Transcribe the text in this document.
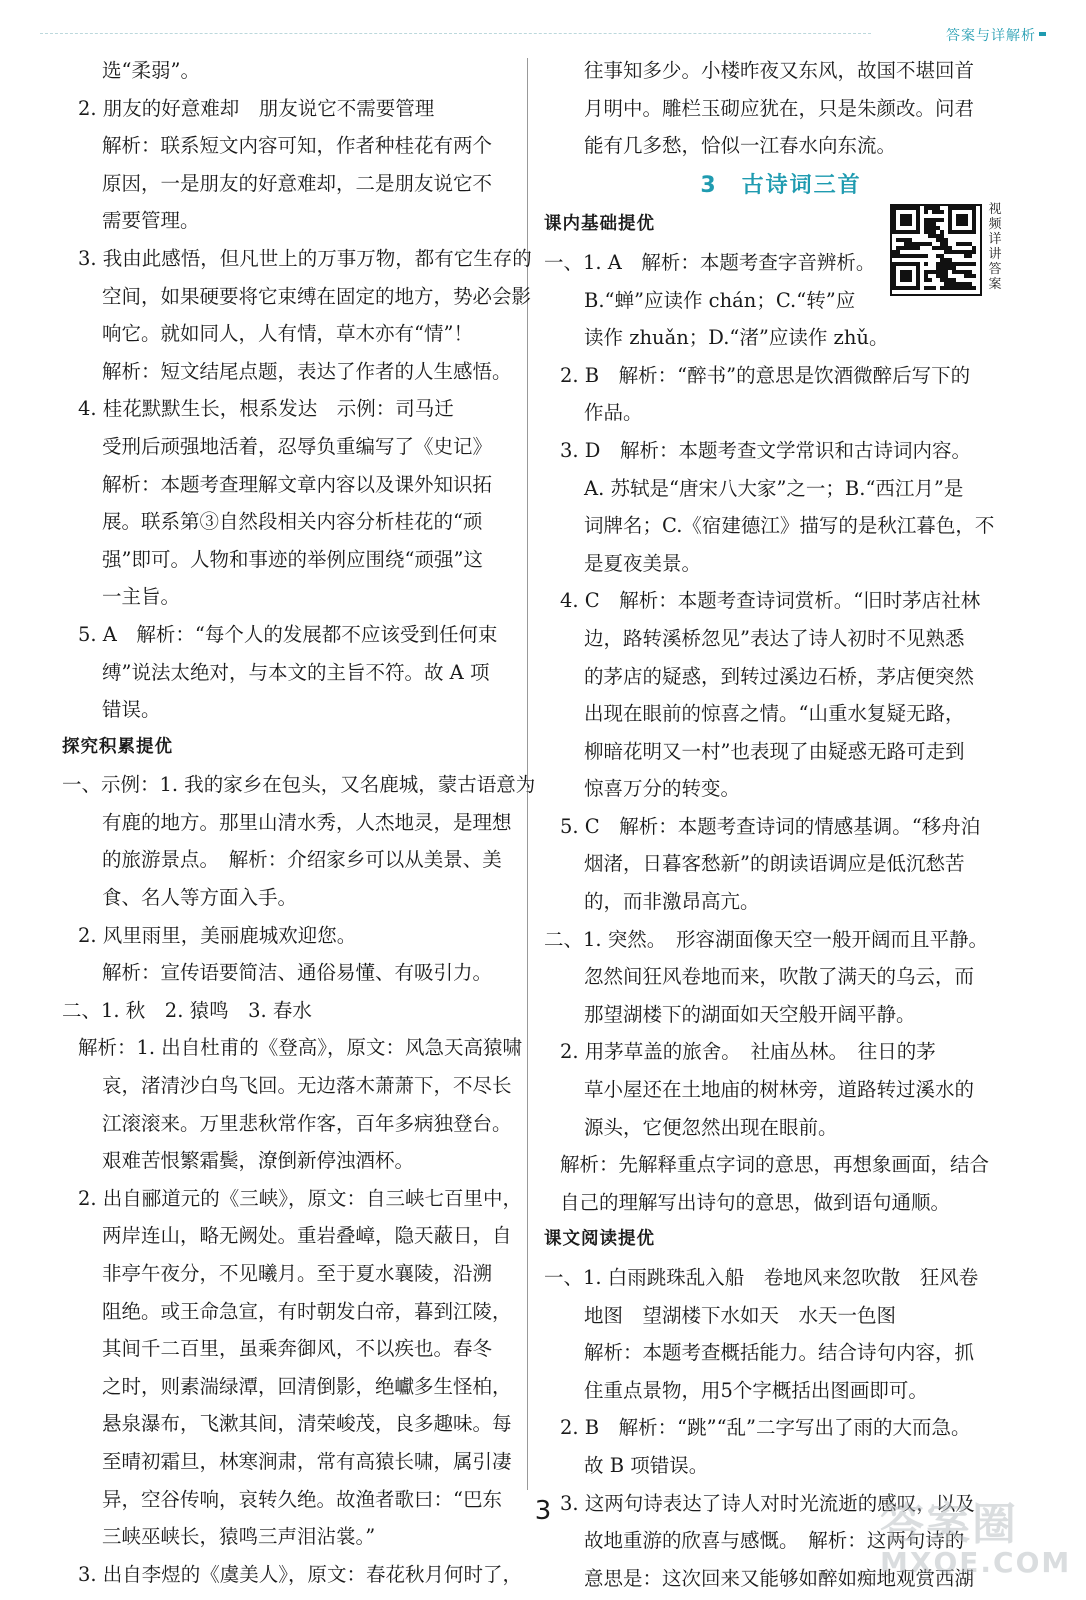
答案与详解析
选“柔弱”。
2. 朋友的好意难却　朋友说它不需要管理
解析：联系短文内容可知，作者种桂花有两个
原因，一是朋友的好意难却，二是朋友说它不
需要管理。
3. 我由此感悟，但凡世上的万事万物，都有它生存的
空间，如果硬要将它束缚在固定的地方，势必会影
响它。就如同人，人有情，草木亦有“情”！
解析：短文结尾点题，表达了作者的人生感悟。
4. 桂花默默生长，根系发达　示例：司马迁
受刑后顽强地活着，忍辱负重编写了《史记》
解析：本题考查理解文章内容以及课外知识拓
展。联系第③自然段相关内容分析桂花的“顽
强”即可。人物和事迹的举例应围绕“顽强”这
一主旨。
5. A　解析：“每个人的发展都不应该受到任何束
缚”说法太绝对，与本文的主旨不符。故 A 项
错误。
探究积累提优
一、示例：1. 我的家乡在包头，又名鹿城，蒙古语意为
有鹿的地方。那里山清水秀，人杰地灵，是理想
的旅游景点。　解析：介绍家乡可以从美景、美
食、名人等方面入手。
2. 风里雨里，美丽鹿城欢迎您。
解析：宣传语要简洁、通俗易懂、有吸引力。
二、1. 秋　2. 猿鸣　3. 春水
解析：1. 出自杜甫的《登高》，原文：风急天高猿啸
哀，渚清沙白鸟飞回。无边落木萧萧下，不尽长
江滚滚来。万里悲秋常作客，百年多病独登台。
艰难苦恨繁霜鬓，潦倒新停浊酒杯。
2. 出自郦道元的《三峡》，原文：自三峡七百里中，
两岸连山，略无阙处。重岩叠嶂，隐天蔽日，自
非亭午夜分，不见曦月。至于夏水襄陵，沿溯
阻绝。或王命急宣，有时朝发白帝，暮到江陵，
其间千二百里，虽乘奔御风，不以疾也。春冬
之时，则素湍绿潭，回清倒影，绝巘多生怪柏，
悬泉瀑布，飞漱其间，清荣峻茂，良多趣味。每
至晴初霜旦，林寒涧肃，常有高猿长啸，属引凄
异，空谷传响，哀转久绝。故渔者歌曰：“巴东
三峡巫峡长，猿鸣三声泪沾裳。”
3. 出自李煜的《虞美人》，原文：春花秋月何时了，
往事知多少。小楼昨夜又东风，故国不堪回首
月明中。雕栏玉砌应犹在，只是朱颜改。问君
能有几多愁，恰似一江春水向东流。
3　古诗词三首
课内基础提优
一、1. A　解析：本题考查字音辨析。
B.“蝉”应读作 chán；C.“转”应
读作 zhuǎn；D.“渚”应读作 zhǔ。
2. B　解析：“醉书”的意思是饮酒微醉后写下的
作品。
3. D　解析：本题考查文学常识和古诗词内容。
A. 苏轼是“唐宋八大家”之一；B.“西江月”是
词牌名；C.《宿建德江》描写的是秋江暮色，不
是夏夜美景。
4. C　解析：本题考查诗词赏析。“旧时茅店社林
边，路转溪桥忽见”表达了诗人初时不见熟悉
的茅店的疑惑，到转过溪边石桥，茅店便突然
出现在眼前的惊喜之情。“山重水复疑无路，
柳暗花明又一村”也表现了由疑惑无路可走到
惊喜万分的转变。
5. C　解析：本题考查诗词的情感基调。“移舟泊
烟渚，日暮客愁新”的朗读语调应是低沉愁苦
的，而非激昂高亢。
二、1. 突然。　形容湖面像天空一般开阔而且平静。
忽然间狂风卷地而来，吹散了满天的乌云，而
那望湖楼下的湖面如天空般开阔平静。
2. 用茅草盖的旅舍。　社庙丛林。　往日的茅
草小屋还在土地庙的树林旁，道路转过溪水的
源头，它便忽然出现在眼前。
解析：先解释重点字词的意思，再想象画面，结合
自己的理解写出诗句的意思，做到语句通顺。
课文阅读提优
一、1. 白雨跳珠乱入船　卷地风来忽吹散　狂风卷
地图　望湖楼下水如天　水天一色图
解析：本题考查概括能力。结合诗句内容，抓
住重点景物，用5个字概括出图画即可。
2. B　解析：“跳”“乱”二字写出了雨的大而急。
故 B 项错误。
3. 这两句诗表达了诗人对时光流逝的感叹，以及
故地重游的欣喜与感慨。　解析：这两句诗的
意思是：这次回来又能够如醉如痴地观赏西湖
视频详讲答案
3	答案圈
MXQE.COM
